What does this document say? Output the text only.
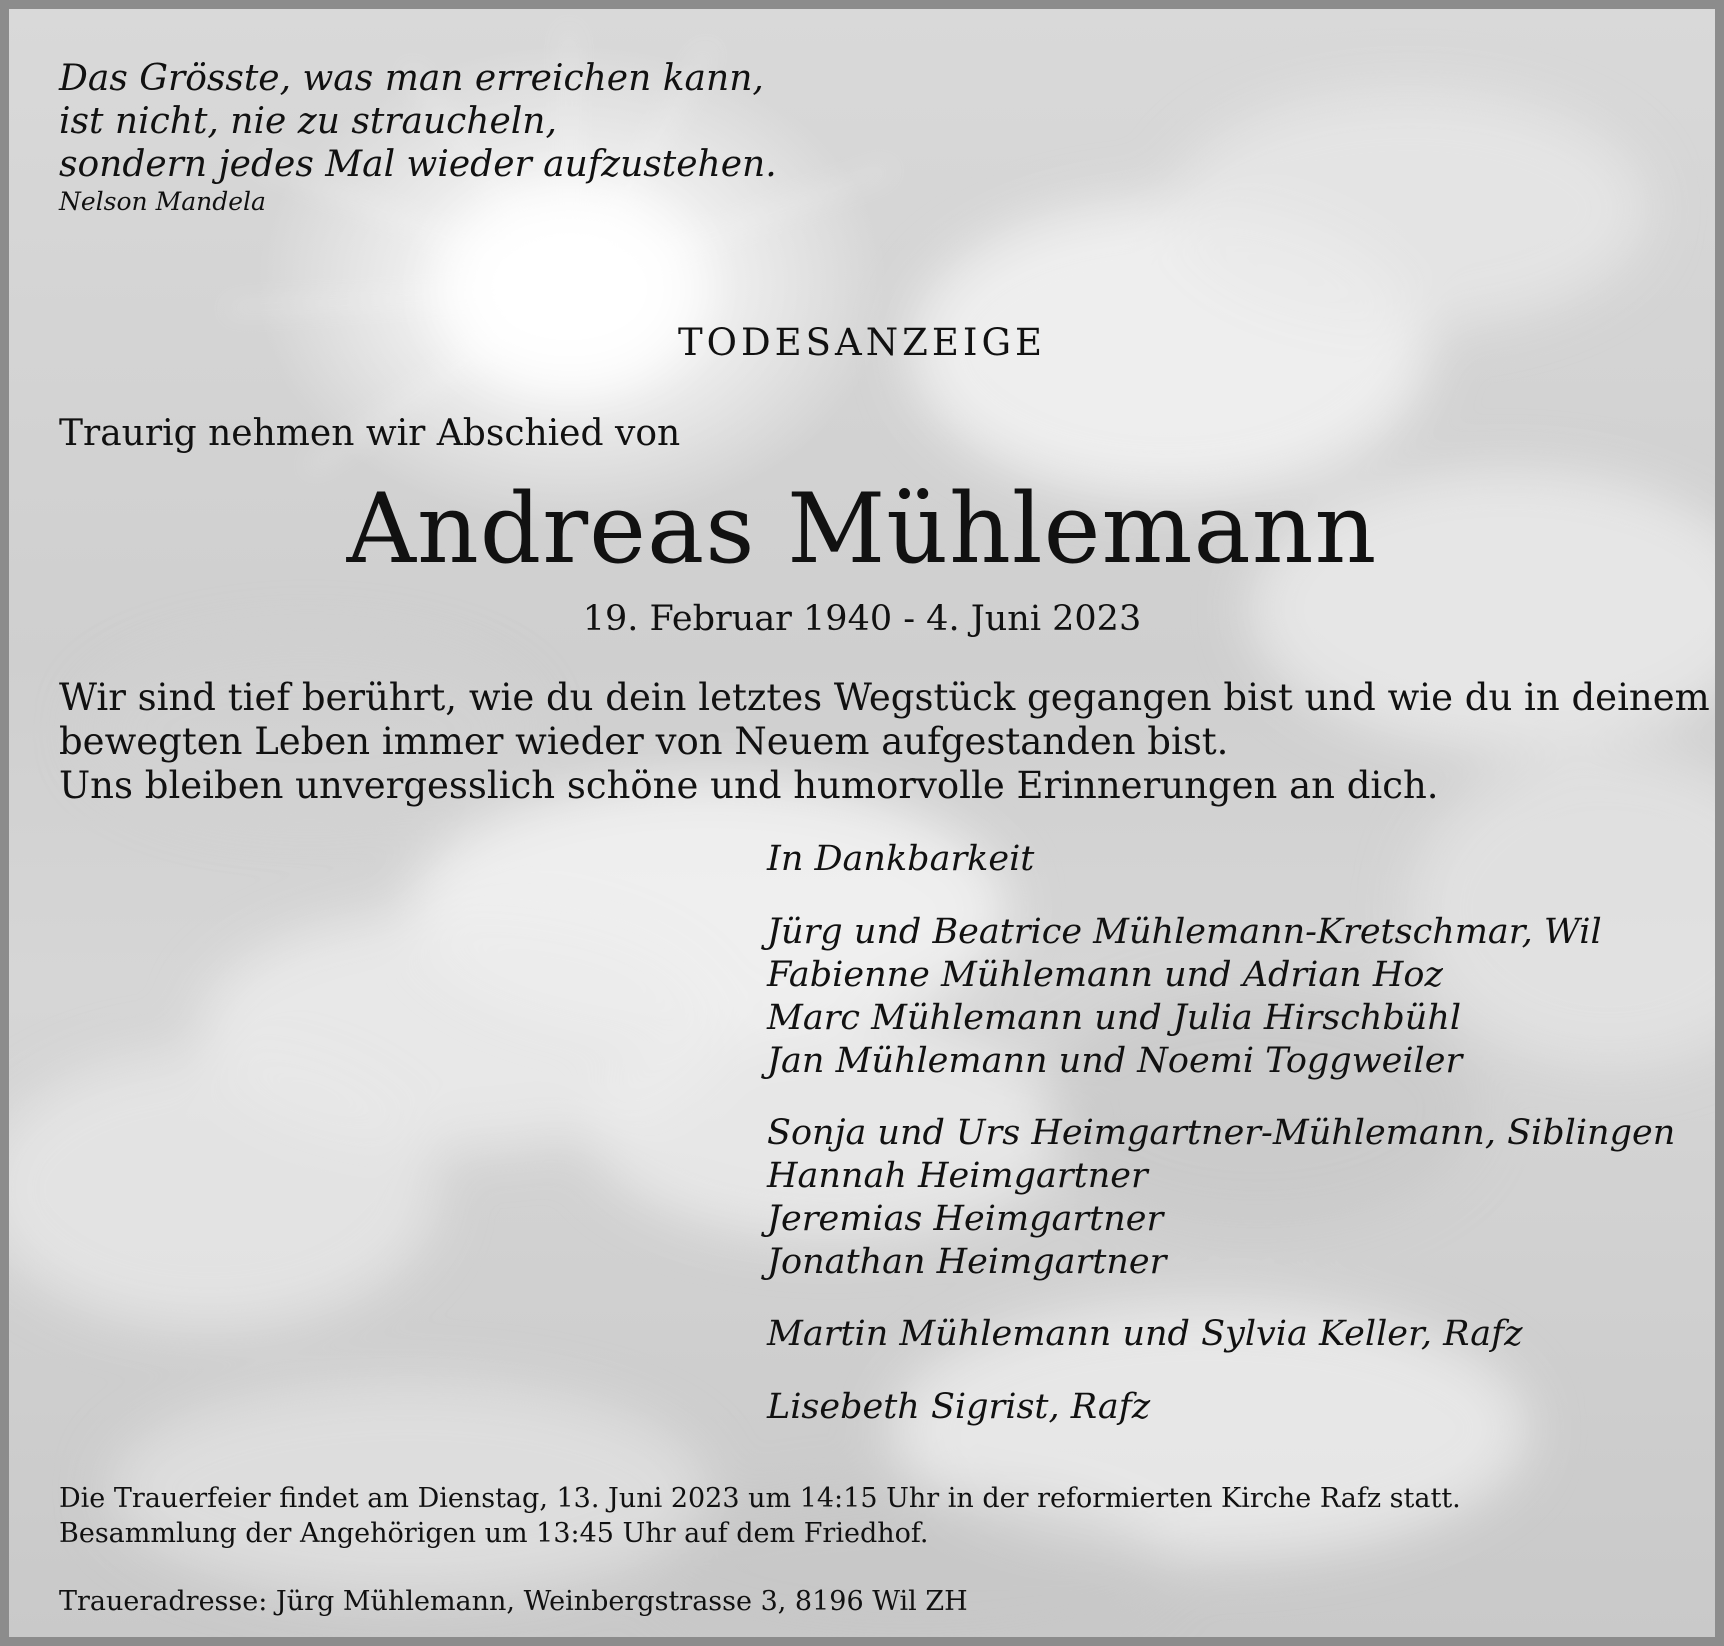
Das Grösste, was man erreichen kann,
ist nicht, nie zu straucheln,
sondern jedes Mal wieder aufzustehen.
Nelson Mandela
TODESANZEIGE
Traurig nehmen wir Abschied von
Andreas Mühlemann
19. Februar 1940 - 4. Juni 2023
Wir sind tief berührt, wie du dein letztes Wegstück gegangen bist und wie du in deinem
bewegten Leben immer wieder von Neuem aufgestanden bist.
Uns bleiben unvergesslich schöne und humorvolle Erinnerungen an dich.
In Dankbarkeit
Jürg und Beatrice Mühlemann-Kretschmar, Wil
Fabienne Mühlemann und Adrian Hoz
Marc Mühlemann und Julia Hirschbühl
Jan Mühlemann und Noemi Toggweiler
Sonja und Urs Heimgartner-Mühlemann, Siblingen
Hannah Heimgartner
Jeremias Heimgartner
Jonathan Heimgartner
Martin Mühlemann und Sylvia Keller, Rafz
Lisebeth Sigrist, Rafz
Die Trauerfeier findet am Dienstag, 13. Juni 2023 um 14:15 Uhr in der reformierten Kirche Rafz statt.
Besammlung der Angehörigen um 13:45 Uhr auf dem Friedhof.
Traueradresse: Jürg Mühlemann, Weinbergstrasse 3, 8196 Wil ZH
